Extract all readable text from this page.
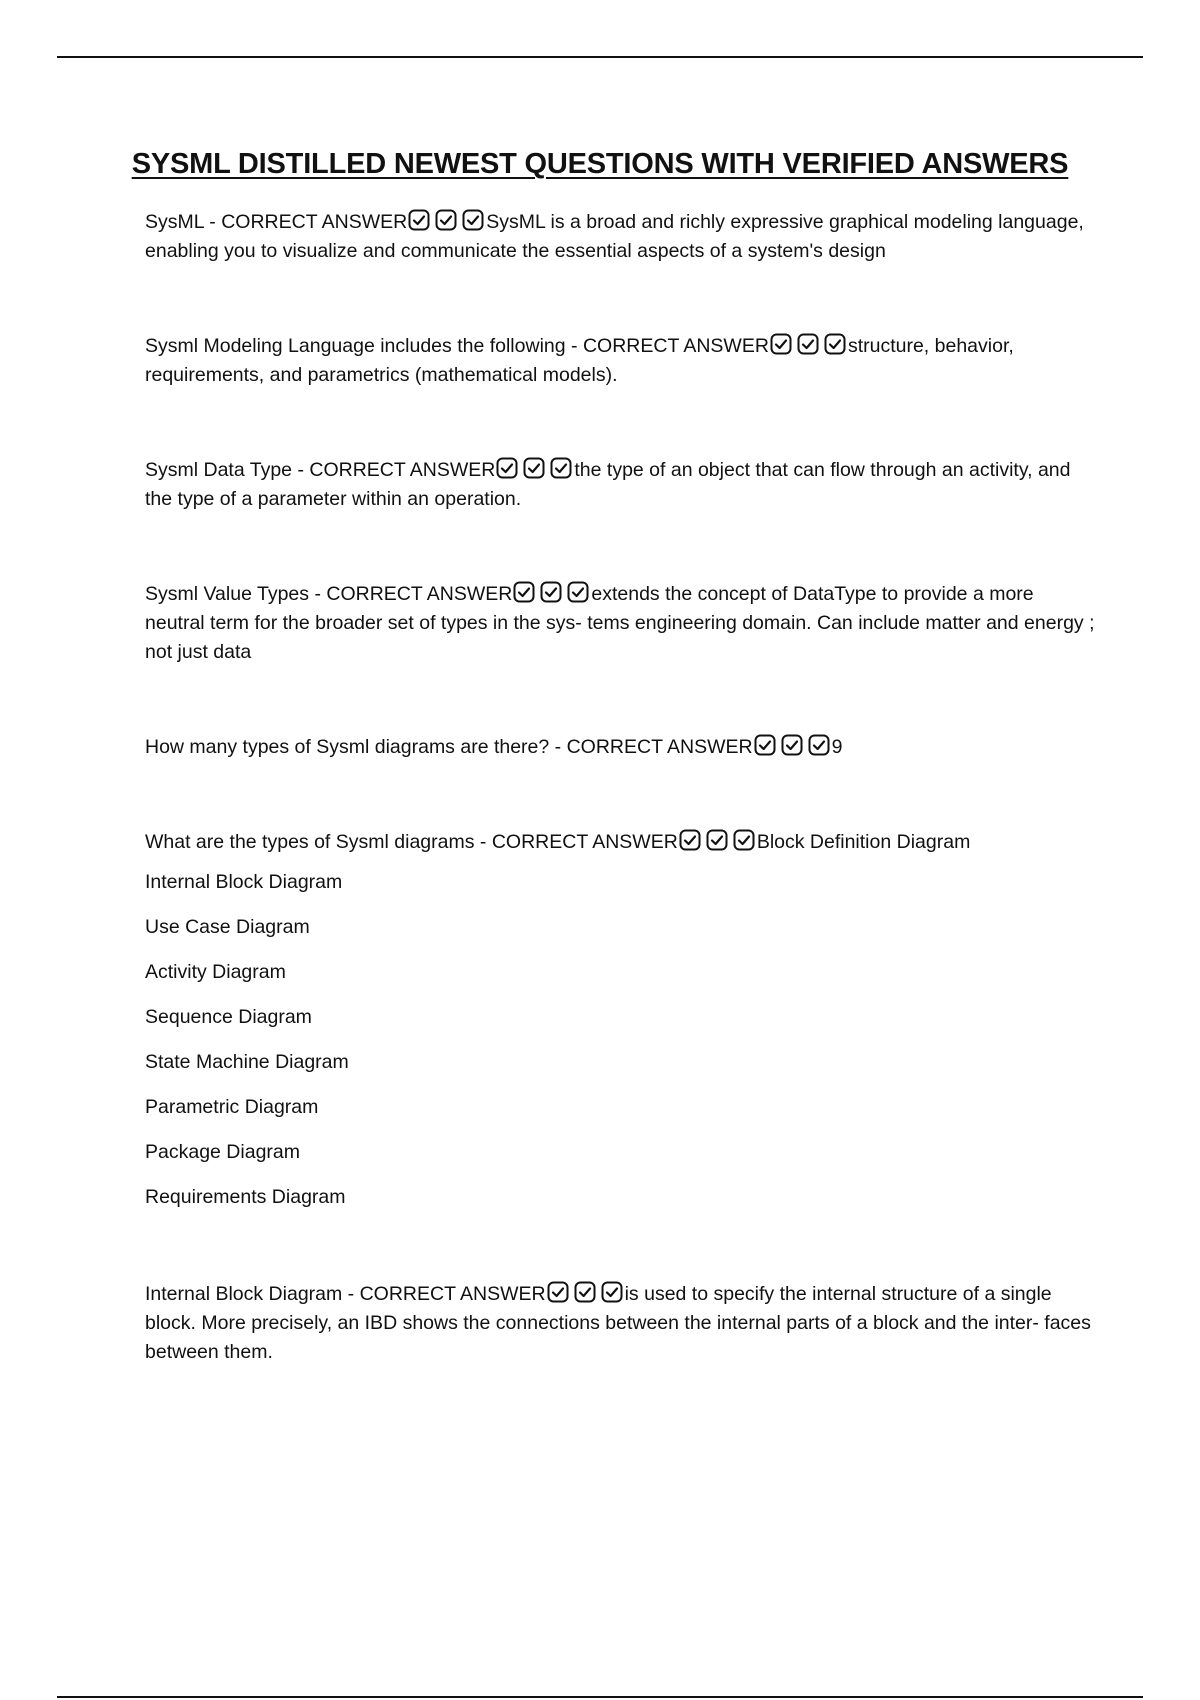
SYSML DISTILLED NEWEST QUESTIONS WITH VERIFIED ANSWERS

SysML - CORRECT ANSWER	SysML is a broad and richly expressive graphical modeling language, enabling you to visualize and communicate the essential aspects of a system's design

Sysml Modeling Language includes the following - CORRECT ANSWER	structure, behavior, requirements, and parametrics (mathematical models).

Sysml Data Type - CORRECT ANSWER	the type of an object that can flow through an activity, and the type of a parameter within an operation.

Sysml Value Types - CORRECT ANSWER	extends the concept of DataType to provide a more neutral term for the broader set of types in the sys- tems engineering domain. Can include matter and energy ; not just data

How many types of Sysml diagrams are there? - CORRECT ANSWER	9

What are the types of Sysml diagrams - CORRECT ANSWER	Block Definition Diagram

Internal Block Diagram
Use Case Diagram
Activity Diagram
Sequence Diagram
State Machine Diagram
Parametric Diagram
Package Diagram
Requirements Diagram

Internal Block Diagram - CORRECT ANSWER	is used to specify the internal structure of a single block. More precisely, an IBD shows the connections between the internal parts of a block and the inter- faces between them.
